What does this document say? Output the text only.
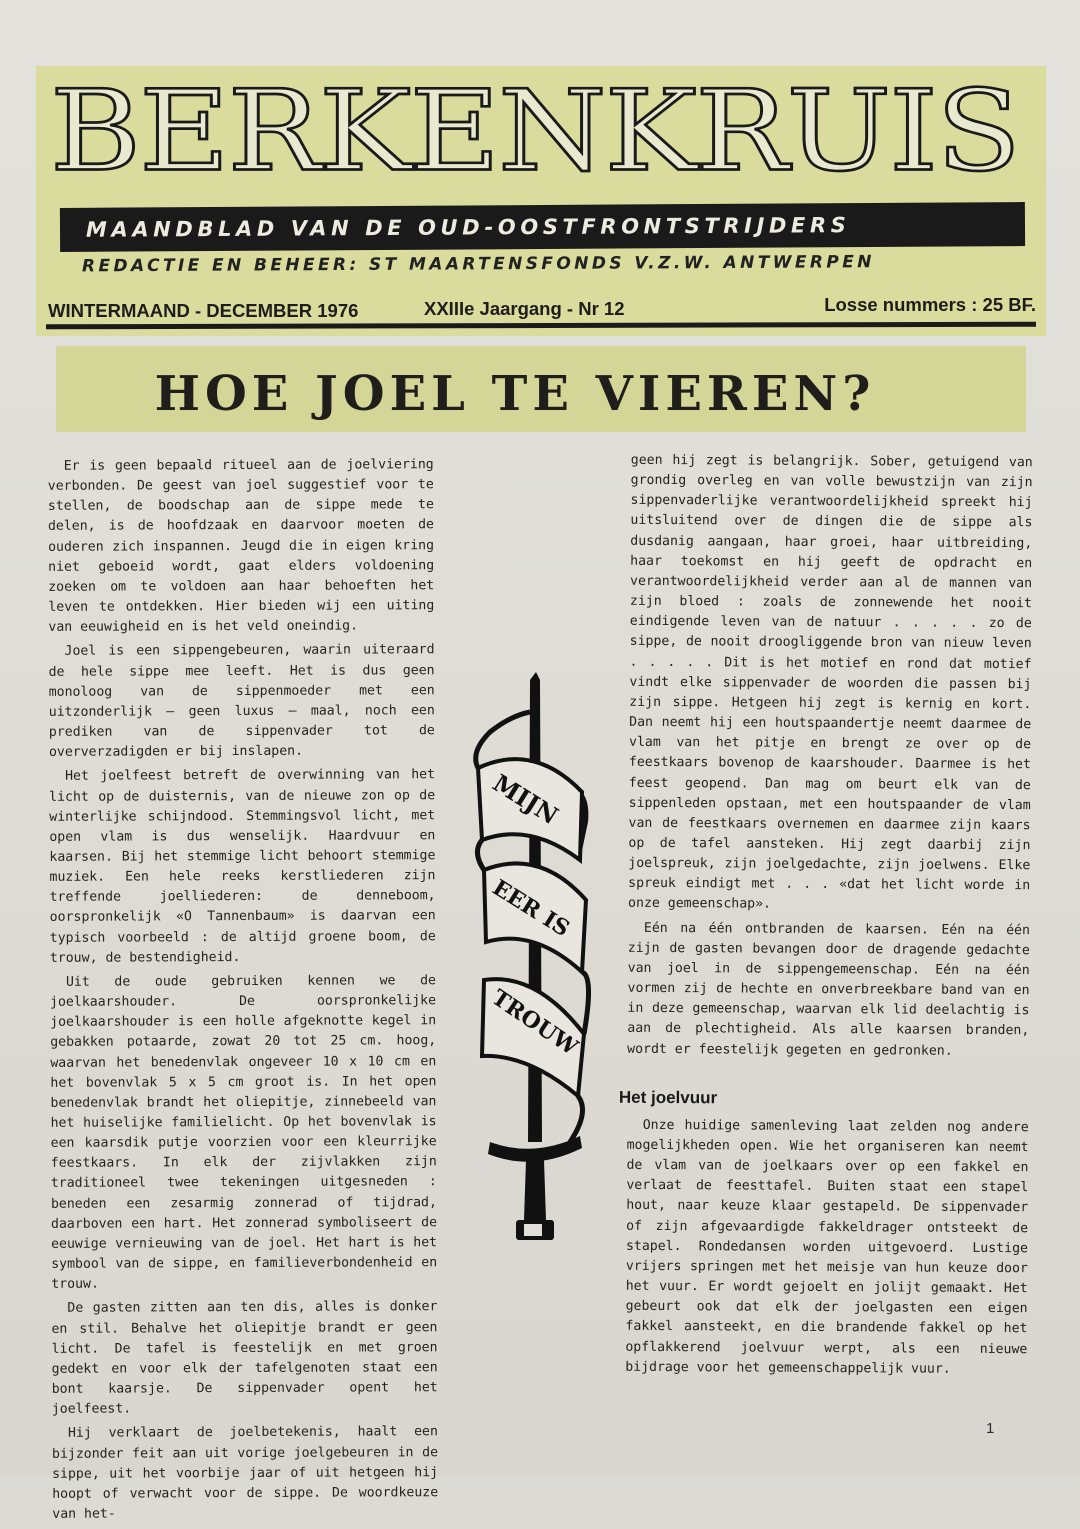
BERKENKRUIS
MAANDBLAD VAN DE OUD-OOSTFRONTSTRIJDERS
REDACTIE EN BEHEER: ST MAARTENSFONDS V.Z.W. ANTWERPEN
WINTERMAAND - DECEMBER 1976	XXIIIe Jaargang - Nr 12	Losse nummers : 25 BF.
HOE JOEL TE VIEREN?

Er is geen bepaald ritueel aan de joelviering verbonden. De geest van joel suggestief voor te stellen, de boodschap aan de sippe mede te delen, is de hoofdzaak en daarvoor moeten de ouderen zich inspannen. Jeugd die in eigen kring niet geboeid wordt, gaat elders voldoening zoeken om te voldoen aan haar behoeften het leven te ontdekken. Hier bieden wij een uiting van eeuwigheid en is het veld oneindig.

Joel is een sippengebeuren, waarin uiteraard de hele sippe mee leeft. Het is dus geen monoloog van de sippenmoeder met een uitzonderlijk — geen luxus — maal, noch een prediken van de sippenvader tot de oververzadigden er bij inslapen.

Het joelfeest betreft de overwinning van het licht op de duisternis, van de nieuwe zon op de winterlijke schijndood. Stemmingsvol licht, met open vlam is dus wenselijk. Haardvuur en kaarsen. Bij het stemmige licht behoort stemmige muziek. Een hele reeks kerstliederen zijn treffende joelliederen: de denneboom, oorspronkelijk «O Tannenbaum» is daarvan een typisch voorbeeld : de altijd groene boom, de trouw, de bestendigheid.

Uit de oude gebruiken kennen we de joelkaarshouder. De oorspronkelijke joelkaarshouder is een holle afgeknotte kegel in gebakken potaarde, zowat 20 tot 25 cm. hoog, waarvan het benedenvlak ongeveer 10 x 10 cm en het bovenvlak 5 x 5 cm groot is. In het open benedenvlak brandt het oliepitje, zinnebeeld van het huiselijke familielicht. Op het bovenvlak is een kaarsdik putje voorzien voor een kleurrijke feestkaars. In elk der zijvlakken zijn traditioneel twee tekeningen uitgesneden : beneden een zesarmig zonnerad of tijdrad, daarboven een hart. Het zonnerad symboliseert de eeuwige vernieuwing van de joel. Het hart is het symbool van de sippe, en familieverbondenheid en trouw.

De gasten zitten aan ten dis, alles is donker en stil. Behalve het oliepitje brandt er geen licht. De tafel is feestelijk en met groen gedekt en voor elk der tafelgenoten staat een bont kaarsje. De sippenvader opent het joelfeest.

Hij verklaart de joelbetekenis, haalt een bijzonder feit aan uit vorige joelgebeuren in de sippe, uit het voorbije jaar of uit hetgeen hij hoopt of verwacht voor de sippe. De woordkeuze van het-

MIJN
EER IS
TROUW

geen hij zegt is belangrijk. Sober, getuigend van grondig overleg en van volle bewustzijn van zijn sippenvaderlijke verantwoordelijkheid spreekt hij uitsluitend over de dingen die de sippe als dusdanig aangaan, haar groei, haar uitbreiding, haar toekomst en hij geeft de opdracht en verantwoordelijkheid verder aan al de mannen van zijn bloed : zoals de zonnewende het nooit eindigende leven van de natuur . . . . . zo de sippe, de nooit droogliggende bron van nieuw leven . . . . . Dit is het motief en rond dat motief vindt elke sippenvader de woorden die passen bij zijn sippe. Hetgeen hij zegt is kernig en kort. Dan neemt hij een houtspaandertje neemt daarmee de vlam van het pitje en brengt ze over op de feestkaars bovenop de kaarshouder. Daarmee is het feest geopend. Dan mag om beurt elk van de sippenleden opstaan, met een houtspaander de vlam van de feestkaars overnemen en daarmee zijn kaars op de tafel aansteken. Hij zegt daarbij zijn joelspreuk, zijn joelgedachte, zijn joelwens. Elke spreuk eindigt met . . . «dat het licht worde in onze gemeenschap».

Eén na één ontbranden de kaarsen. Eén na één zijn de gasten bevangen door de dragende gedachte van joel in de sippengemeenschap. Eén na één vormen zij de hechte en onverbreekbare band van en in deze gemeenschap, waarvan elk lid deelachtig is aan de plechtigheid. Als alle kaarsen branden, wordt er feestelijk gegeten en gedronken.

Het joelvuur

Onze huidige samenleving laat zelden nog andere mogelijkheden open. Wie het organiseren kan neemt de vlam van de joelkaars over op een fakkel en verlaat de feesttafel. Buiten staat een stapel hout, naar keuze klaar gestapeld. De sippenvader of zijn afgevaardigde fakkeldrager ontsteekt de stapel. Rondedansen worden uitgevoerd. Lustige vrijers springen met het meisje van hun keuze door het vuur. Er wordt gejoelt en jolijt gemaakt. Het gebeurt ook dat elk der joelgasten een eigen fakkel aansteekt, en die brandende fakkel op het opflakkerend joelvuur werpt, als een nieuwe bijdrage voor het gemeenschappelijk vuur.

1
